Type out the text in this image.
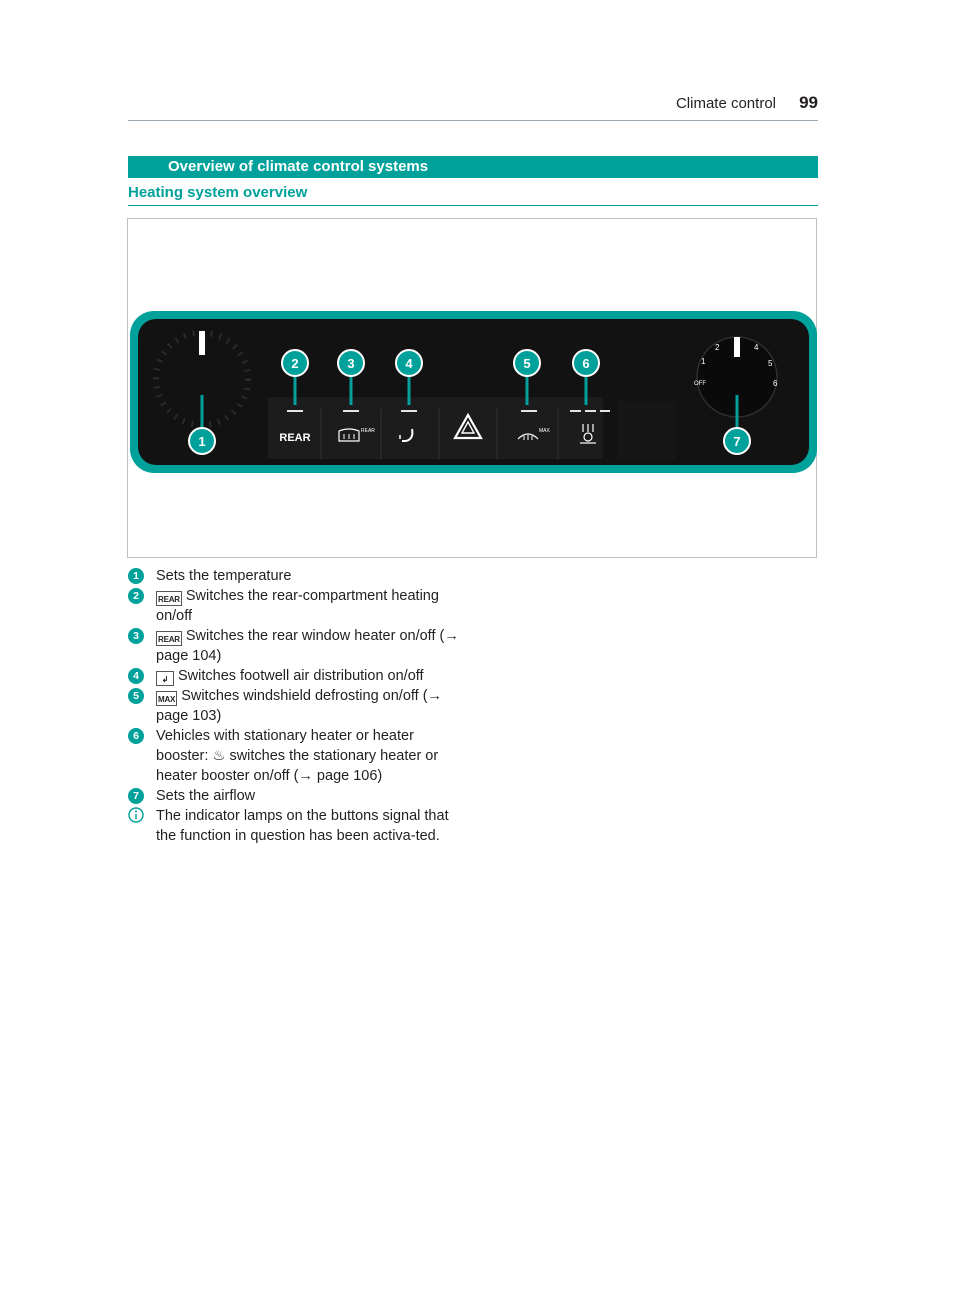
Climate control 99
Overview of climate control systems
Heating system overview
REAR
REAR	MAX
OFF
1
2
3
4
5
6
1
2	3	4	5	6
7
1	Sets the temperature
2	REAR Switches the rear-compartment heating on/off
3	REAR Switches the rear window heater on/off (→ page 104)
4	↲ Switches footwell air distribution on/off
5	MAX Switches windshield defrosting on/off (→ page 103)
6	Vehicles with stationary heater or heater booster: ♨ switches the stationary heater or heater booster on/off (→ page 106)
7	Sets the airflow
The indicator lamps on the buttons signal that the function in question has been activa-ted.
